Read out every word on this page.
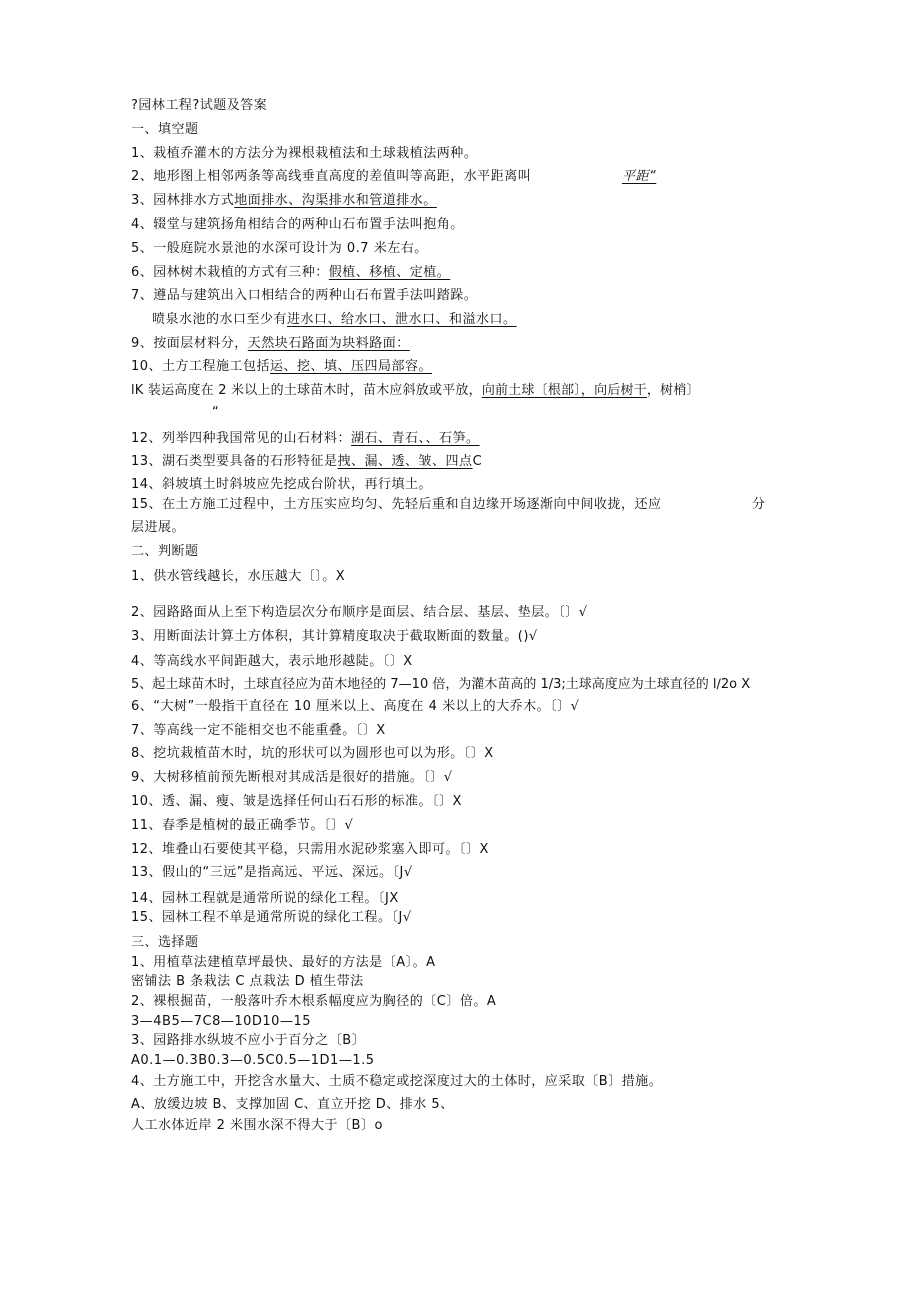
?园林工程?试题及答案
一、填空题
1、栽植乔灌木的方法分为裸根栽植法和土球栽植法两种。
2、地形图上相邻两条等高线垂直高度的差值叫等高距，水平距离叫	平距“
3、园林排水方式地面排水、沟渠排水和管道排水。
4、辍堂与建筑扬角相结合的两种山石布置手法叫抱角。
5、一般庭院水景池的水深可设计为 0.7 米左右。
6、园林树木栽植的方式有三种：假植、移植、定植。
7、遵品与建筑出入口相结合的两种山石布置手法叫踏跺。
喷泉水池的水口至少有进水口、给水口、泄水口、和溢水口。
9、按面层材料分，天然块石路面为块料路面：
10、土方工程施工包括运、挖、填、压四局部容。
lK 装运高度在 2 米以上的土球苗木时，苗木应斜放或平放，向前土球〔根部〕，向后树干，树梢〕
“
12、列举四种我国常见的山石材料：湖石、青石、、石笋。
13、湖石类型要具备的石形特征是拽、漏、透、皱、四点C
14、斜坡填土时斜坡应先挖成台阶状，再行填土。
15、在土方施工过程中，土方压实应均匀、先轻后重和自边缘开场逐渐向中间收拢，还应	分
层进展。
二、判断题
1、供水管线越长，水压越大〔〕。X
2、园路路面从上至下构造层次分布顺序是面层、结合层、基层、垫层。〔〕√
3、用断面法计算土方体积，其计算精度取决于截取断面的数量。()√
4、等高线水平间距越大，表示地形越陡。〔〕X
5、起土球苗木时，土球直径应为苗木地径的 7—10 倍，为灌木苗高的 1/3;土球高度应为土球直径的 l∕2o X
6、“大树”一般指干直径在 10 厘米以上、高度在 4 米以上的大乔木。〔〕√
7、等高线一定不能相交也不能重叠。〔〕X
8、挖坑栽植苗木时，坑的形状可以为圆形也可以为形。〔〕X
9、大树移植前预先断根对其成活是很好的措施。〔〕√
10、透、漏、瘦、皱是选择任何山石石形的标准。〔〕X
11、春季是植树的最正确季节。〔〕√
12、堆叠山石要使其平稳，只需用水泥砂浆塞入即可。〔〕X
13、假山的“三远”是指高远、平远、深远。〔J√
14、园林工程就是通常所说的绿化工程。〔JX
15、园林工程不单是通常所说的绿化工程。〔J√
三、选择题
1、用植草法建植草坪最快、最好的方法是〔A〕。A
密铺法 B 条栽法 C 点栽法 D 植生带法
2、裸根掘苗，一般落叶乔木根系幅度应为胸径的〔C〕倍。A
3—4B5—7C8—10D10—15
3、园路排水纵坡不应小于百分之〔B〕
A0.1—0.3B0.3—0.5C0.5—1D1—1.5
4、土方施工中，开挖含水量大、土质不稳定或挖深度过大的土体时，应采取〔B〕措施。
A、放缓边坡 B、支撑加固 C、直立开挖 D、排水 5、
人工水体近岸 2 米围水深不得大于〔B〕o
